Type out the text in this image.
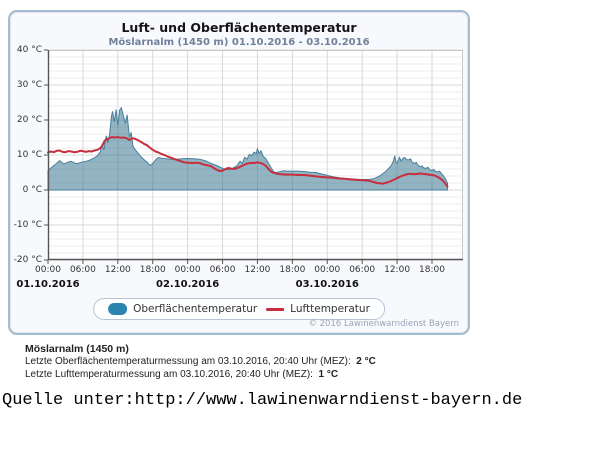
Luft- und Oberflächentemperatur
Möslarnalm (1450 m) 01.10.2016 - 03.10.2016
Oberflächentemperatur	Lufttemperatur
© 2016 Lawinenwarndienst Bayern
40 °C
30 °C
20 °C
10 °C
0 °C
-10 °C
-20 °C
00:00 06:00 12:00 18:00 00:00 06:00 12:00 18:00 00:00 06:00 12:00 18:00
01.10.2016	02.10.2016	03.10.2016
Möslarnalm (1450 m)
Letzte Oberflächentemperaturmessung am 03.10.2016, 20:40 Uhr (MEZ): 2 °C
Letzte Lufttemperaturmessung am 03.10.2016, 20:40 Uhr (MEZ): 1 °C
Quelle unter:http://www.lawinenwarndienst-bayern.de
